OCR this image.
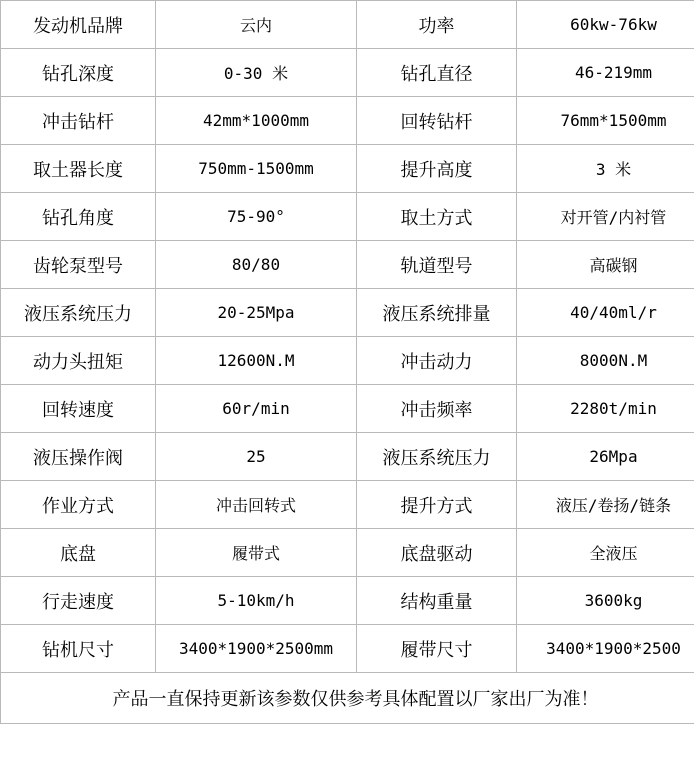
发动机品牌	云内	功率	60kw-76kw
钻孔深度	0-30 米	钻孔直径	46-219mm
冲击钻杆	42mm*1000mm	回转钻杆	76mm*1500mm
取土器长度	750mm-1500mm	提升高度	3 米
钻孔角度	75-90°	取土方式	对开管/内衬管
齿轮泵型号	80/80	轨道型号	高碳钢
液压系统压力	20-25Mpa	液压系统排量	40/40ml/r
动力头扭矩	12600N.M	冲击动力	8000N.M
回转速度	60r/min	冲击频率	2280t/min
液压操作阀	25	液压系统压力	26Mpa
作业方式	冲击回转式	提升方式	液压/卷扬/链条
底盘	履带式	底盘驱动	全液压
行走速度	5-10km/h	结构重量	3600kg
钻机尺寸	3400*1900*2500mm	履带尺寸	3400*1900*2500
产品一直保持更新该参数仅供参考具体配置以厂家出厂为准！			
